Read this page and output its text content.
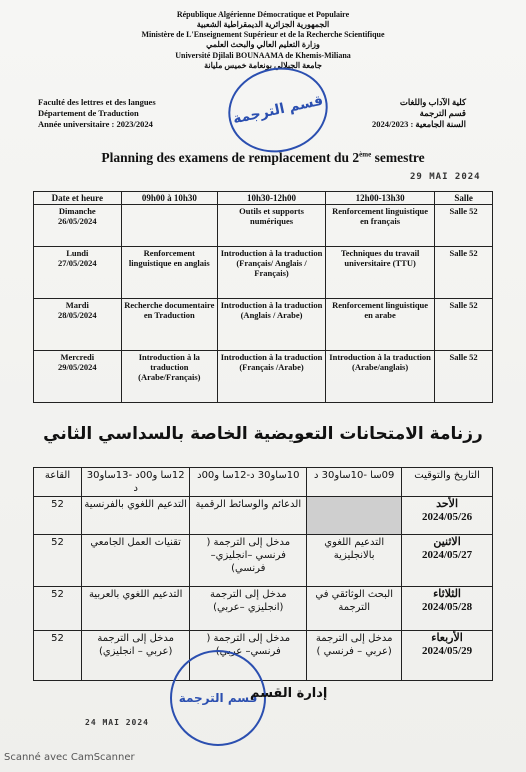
République Algérienne Démocratique et Populaire
الجمهورية الجزائرية الديمقراطية الشعبية
Ministère de L'Enseignement Supérieur et de la Recherche Scientifique
وزارة التعليم العالي والبحث العلمي
Université Djilali BOUNAAMA de Khemis-Miliana
جامعة الجيلالي بونعامة خميس مليانة
Faculté des lettres et des langues
Département de Traduction
Année universitaire : 2023/2024
كلية الآداب واللغات
قسم الترجمة
السنة الجامعية : 2024/2023
قسم الترجمة
Planning des examens de remplacement du 2ème semestre
29 MAI 2024
Date et heure	09h00 à 10h30	10h30-12h00	12h00-13h30	Salle

Dimanche
26/05/2024		Outils et supports numériques	Renforcement linguistique en français	Salle 52

Lundi
27/05/2024	Renforcement linguistique en anglais	Introduction à la traduction (Français/ Anglais / Français)	Techniques du travail universitaire (TTU)	Salle 52

Mardi
28/05/2024	Recherche documentaire en Traduction	Introduction à la traduction (Anglais / Arabe)	Renforcement linguistique en arabe	Salle 52

Mercredi
29/05/2024	Introduction à la traduction (Arabe/Français)	Introduction à la traduction (Français /Arabe)	Introduction à la traduction (Arabe/anglais)	Salle 52
رزنامة الامتحانات التعويضية الخاصة بالسداسي الثاني
التاريخ والتوقيت	09سا -10ساو30 د	10ساو30 د-12سا و00د	12سا و00د -13ساو30 د	القاعة

الأحد
2024/05/26		الدعائم والوسائط الرقمية	التدعيم اللغوي بالفرنسية	52

الاثنين
2024/05/27	التدعيم اللغوي بالانجليزية	مدخل إلى الترجمة ( فرنسي –انجليزي– فرنسي)	تقنيات العمل الجامعي	52

الثلاثاء
2024/05/28	البحث الوثائقي في الترجمة	مدخل إلى الترجمة (انجليزي –عربي)	التدعيم اللغوي بالعربية	52

الأربعاء
2024/05/29	مدخل إلى الترجمة (عربي – فرنسي )	مدخل إلى الترجمة ( فرنسي– عربي)	مدخل إلى الترجمة (عربي – انجليزي)	52
قسم الترجمة
إدارة القسم
24 MAI 2024
Scanné avec CamScanner
